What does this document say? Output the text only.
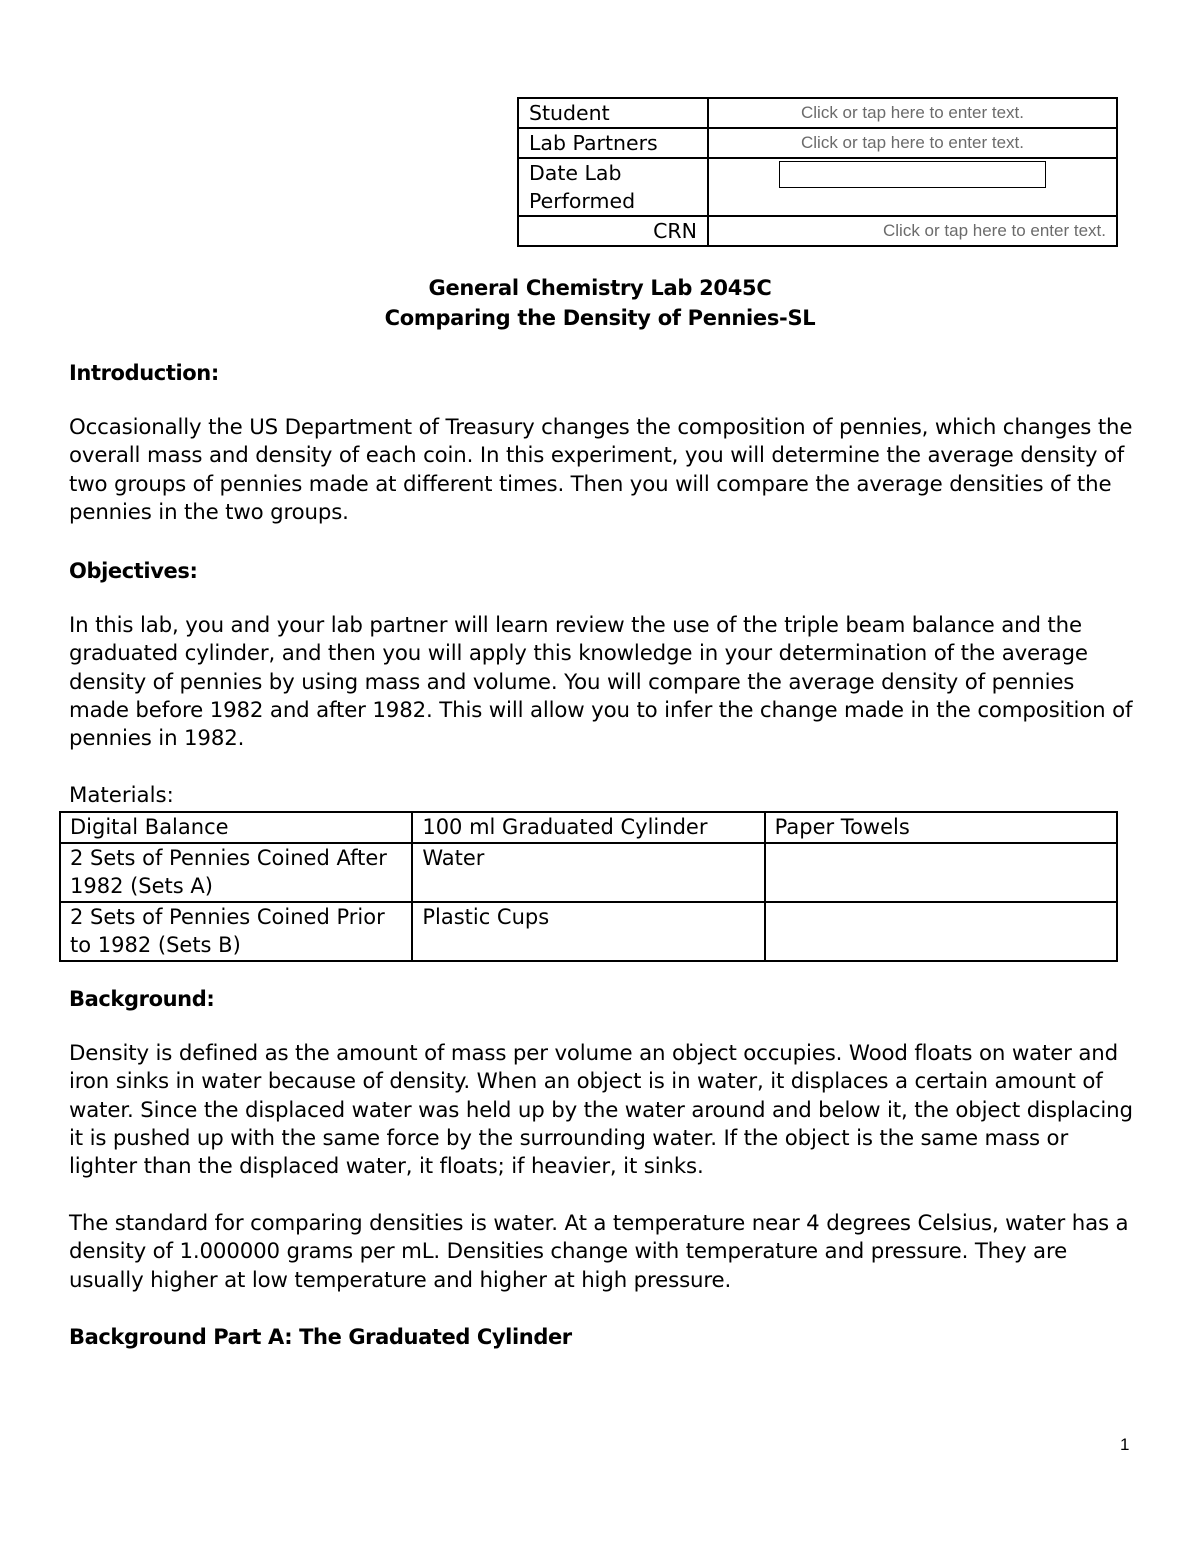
Student	Click or tap here to enter text.
Lab Partners	Click or tap here to enter text.
Date Lab
Performed	

CRN	Click or tap here to enter text.
General Chemistry Lab 2045C
Comparing the Density of Pennies-SL
Introduction:

Occasionally the US Department of Treasury changes the composition of pennies, which changes the overall mass and density of each coin. In this experiment, you will determine the average density of two groups of pennies made at different times. Then you will compare the average densities of the pennies in the two groups.

Objectives:

In this lab, you and your lab partner will learn review the use of the triple beam balance and the graduated cylinder, and then you will apply this knowledge in your determination of the average density of pennies by using mass and volume. You will compare the average density of pennies made before 1982 and after 1982. This will allow you to infer the change made in the composition of pennies in 1982.

Materials:
Digital Balance	100 ml Graduated Cylinder	Paper Towels
2 Sets of Pennies Coined After 1982 (Sets A)	Water	
2 Sets of Pennies Coined Prior to 1982 (Sets B)	Plastic Cups	
Background:

Density is defined as the amount of mass per volume an object occupies. Wood floats on water and iron sinks in water because of density. When an object is in water, it displaces a certain amount of water. Since the displaced water was held up by the water around and below it, the object displacing it is pushed up with the same force by the surrounding water. If the object is the same mass or lighter than the displaced water, it floats; if heavier, it sinks.

The standard for comparing densities is water. At a temperature near 4 degrees Celsius, water has a density of 1.000000 grams per mL. Densities change with temperature and pressure. They are usually higher at low temperature and higher at high pressure.

Background Part A: The Graduated Cylinder
1
